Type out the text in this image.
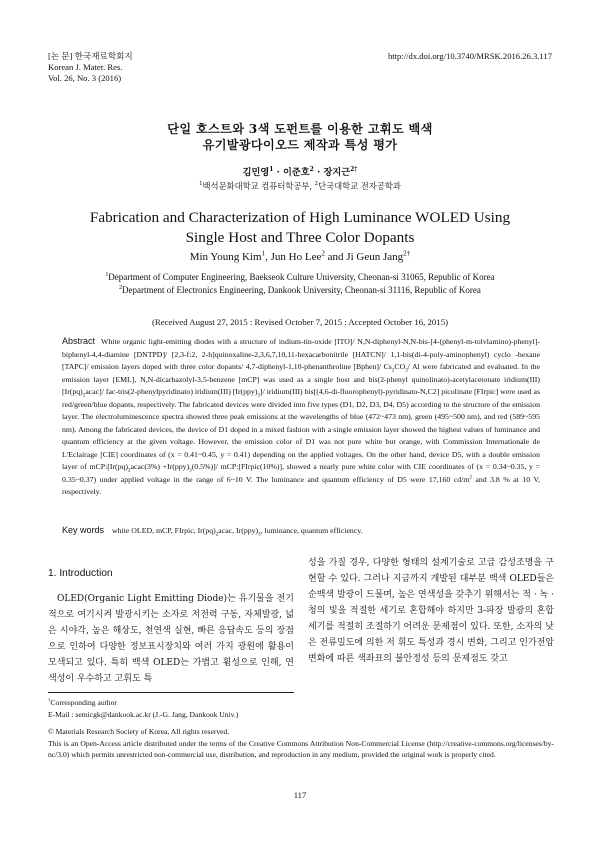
[논 문] 한국재료학회지
Korean J. Mater. Res.
Vol. 26, No. 3 (2016)
http://dx.doi.org/10.3740/MRSK.2016.26.3.117
단일 호스트와 3색 도펀트를 이용한 고휘도 백색
유기발광다이오드 제작과 특성 평가
김민영$^1$ · 이준호$^2$ · 장지근$^{2\dagger}$
$^1$백석문화대학교 컴퓨터학공부, $^2$단국대학교 전자공학과
Fabrication and Characterization of High Luminance WOLED Using
Single Host and Three Color Dopants
Min Young Kim$^1$, Jun Ho Lee$^2$ and Ji Geun Jang$^{2\dagger}$
$^1$Department of Computer Engineering, Baekseok Culture University, Cheonan-si 31065, Republic of Korea
$^2$Department of Electronics Engineering, Dankook University, Cheonan-si 31116, Republic of Korea
(Received August 27, 2015 : Revised October 7, 2015 : Accepted October 16, 2015)
Abstract White organic light-emitting diodes with a structure of indium-tin-oxide [ITO]/ N,N-diphenyl-N,N-bis-[4-(phenyl-m-tolvlamino)-phenyl]-biphenyl-4,4-diamine [DNTPD]/ [2,3-f:2, 2-h]quinoxaline-2,3,6,7,10,11-hexacarbonitrile [HATCN]/ 1,1-bis(di-4-poly-aminophenyl) cyclo -hexane [TAPC]/ emission layers doped with three color dopants/ 4,7-diphenyl-1,10-phenanthroline [Bphen]/ $Cs_2CO_3/$ Al were fabricated and evaluated. In the emission layer [EML], N,N-dicarbazolyl-3,5-benzene [mCP] was used as a single host and bis(2-phenyl quinolinato)-acetylacetonate iridium(III) $[Ir(pq)_2acac]/$ fac-tris(2-phenylpyridinato) iridium(III) $[Ir(ppy)_3]/$ iridium(III) bis[(4,6-di-fluorophenyl)-pyridinato-N,C2] picolinate [FIrpic] were used as red/green/blue dopants, respectively. The fabricated devices were divided into five types (D1, D2, D3, D4, D5) according to the structure of the emission layer. The electroluminescence spectra showed three peak emissions at the wavelengths of blue (472~473 nm), green (495~500 nm), and red (589~595 nm). Among the fabricated devices, the device of D1 doped in a mixed fashion with a single emission layer showed the highest values of luminance and quantum efficiency at the given voltage. However, the emission color of D1 was not pure white but orange, with Commission Internationale de L'Eclairage [CIE] coordinates of (x = 0.41~0.45, y = 0.41) depending on the applied voltages. On the other hand, device D5, with a double emission layer of $mCP:[Ir(pq)_2acac(3\%) +Ir(ppy)_3(0.5\%)]/$ mCP:[FIrpic(10%)], showed a nearly pure white color with CIE coordinates of (x = 0.34~0.35, y = 0.35~0.37) under applied voltage in the range of 6~10 V. The luminance and quantum efficiency of D5 were 17,160 $cd/m^2$ and 3.8 % at 10 V, respectively.
Key words white OLED, mCP, FIrpic, $Ir(pq)_2acac$, $Ir(ppy)_3$, luminance, quantum efficiency.
1. Introduction
OLED(Organic Light Emitting Diode)는 유기물을 전기적으로 여기시켜 발광시키는 소자로 저전력 구동, 자체발광, 넓은 시야각, 높은 해상도, 천연색 실현, 빠른 응답속도 등의 장점으로 인하여 다양한 정보표시장치와 여러 가지 광원에 활용이 모색되고 있다. 특히 백색 OLED는 가볍고 휨성으로 인해, 연색성이 우수하고 고휘도 특
성을 가질 경우, 다양한 형태의 설계기술로 고급 감성조명을 구현할 수 있다. 그러나 지금까지 개발된 대부분 백색 OLED들은 순백색 발광이 드물며, 높은 연색성을 갖추기 위해서는 적 · 녹 · 청의 빛을 적절한 세기로 혼합해야 하지만 3-파장 발광의 혼합 세기를 적절히 조절하기 어려운 문제점이 있다. 또한, 소자의 낮은 전류밀도에 의한 저 휘도 특성과 경시 변화, 그리고 인가전압 변화에 따른 색좌표의 불안정성 등의 문제점도 갖고
†Corresponding author
E-Mail : semicgk@dankook.ac.kr (J.-G. Jang, Dankook Univ.)
© Materials Research Society of Korea, All rights reserved.
This is an Open-Access article distributed under the terms of the Creative Commons Attribution Non-Commercial License (http://creative-commons.org/licenses/by-nc/3.0) which permits unrestricted non-commercial use, distribution, and reproduction in any medium, provided the original work is properly cited.
117
